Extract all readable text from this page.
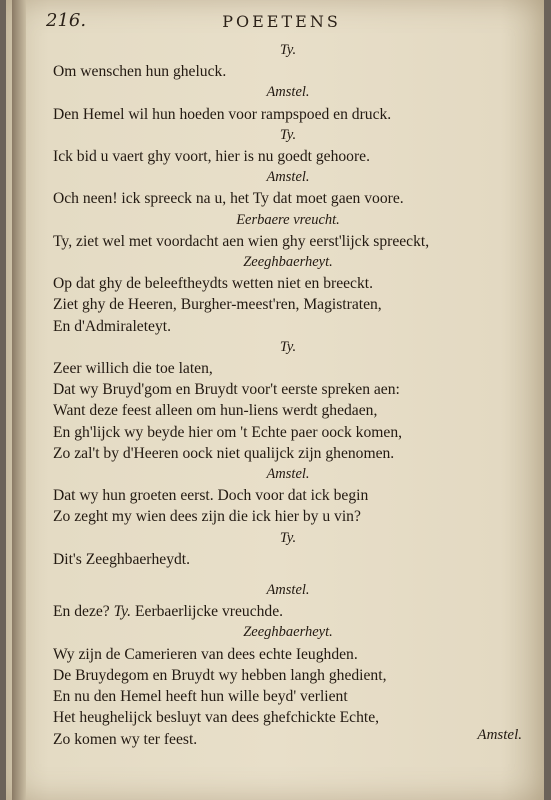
216.	POEETENS
Ty.
Om wenschen hun gheluck.
Amstel.
Den Hemel wil hun hoeden voor rampspoed en druck.
Ty.
Ick bid u vaert ghy voort, hier is nu goedt gehoore.
Amstel.
Och neen! ick spreeck na u, het Ty dat moet gaen voore.
Eerbaere vreucht.
Ty, ziet wel met voordacht aen wien ghy eerst'lijck spreeckt,
Zeeghbaerheyt.
Op dat ghy de beleeftheydts wetten niet en breeckt.
Ziet ghy de Heeren, Burgher-meest'ren, Magistraten,
En d'Admiraleteyt.
Ty.
Zeer willich die toe laten,
Dat wy Bruyd'gom en Bruydt voor't eerste spreken aen:
Want deze feest alleen om hun-liens werdt ghedaen,
En gh'lijck wy beyde hier om 't Echte paer oock komen,
Zo zal't by d'Heeren oock niet qualijck zijn ghenomen.
Amstel.
Dat wy hun groeten eerst. Doch voor dat ick begin
Zo zeght my wien dees zijn die ick hier by u vin?
Ty.
Dit's Zeeghbaerheydt.
Amstel.
En deze? Ty. Eerbaerlijcke vreuchde.
Zeeghbaerheyt.
Wy zijn de Camerieren van dees echte Ieughden.
De Bruydegom en Bruydt wy hebben langh ghedient,
En nu den Hemel heeft hun wille beyd' verlient
Het heughelijck besluyt van dees ghefchickte Echte,
Zo komen wy ter feest.	Amstel.
